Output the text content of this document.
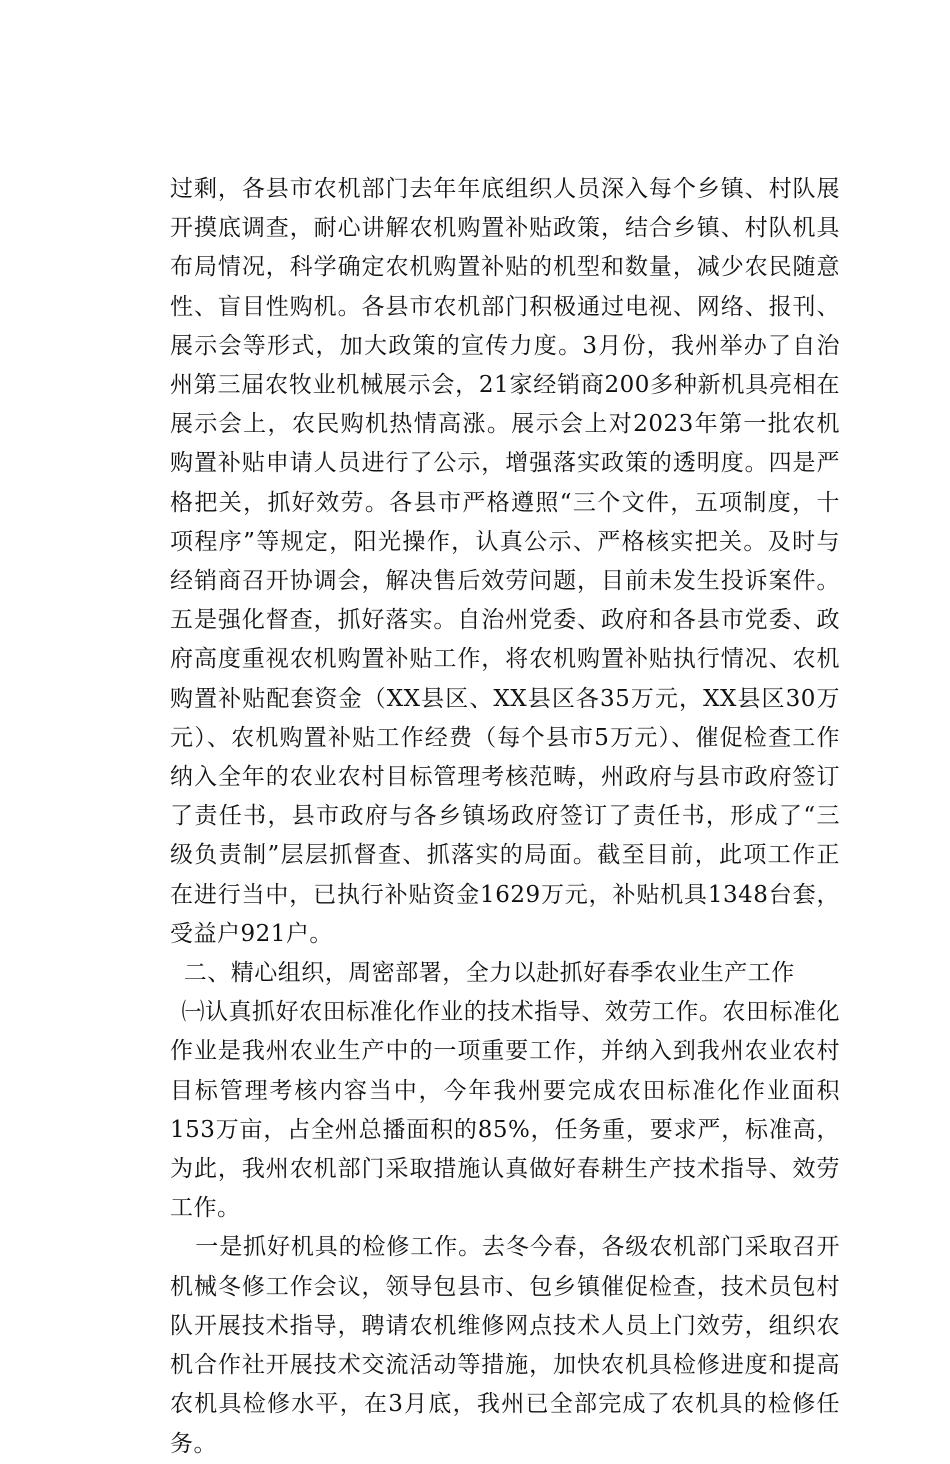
过剩，各县市农机部门去年年底组织人员深入每个乡镇、村队展开摸底调查，耐心讲解农机购置补贴政策，结合乡镇、村队机具布局情况，科学确定农机购置补贴的机型和数量，减少农民随意性、盲目性购机。各县市农机部门积极通过电视、网络、报刊、展示会等形式，加大政策的宣传力度。3月份，我州举办了自治州第三届农牧业机械展示会，21家经销商200多种新机具亮相在展示会上，农民购机热情高涨。展示会上对2023年第一批农机购置补贴申请人员进行了公示，增强落实政策的透明度。四是严格把关，抓好效劳。各县市严格遵照“三个文件，五项制度，十项程序”等规定，阳光操作，认真公示、严格核实把关。及时与经销商召开协调会，解决售后效劳问题，目前未发生投诉案件。五是强化督查，抓好落实。自治州党委、政府和各县市党委、政府高度重视农机购置补贴工作，将农机购置补贴执行情况、农机购置补贴配套资金（XX县区、XX县区各35万元，XX县区30万元）、农机购置补贴工作经费（每个县市5万元）、催促检查工作纳入全年的农业农村目标管理考核范畴，州政府与县市政府签订了责任书，县市政府与各乡镇场政府签订了责任书，形成了“三级负责制”层层抓督查、抓落实的局面。截至目前，此项工作正在进行当中，已执行补贴资金1629万元，补贴机具1348台套，受益户921户。

二、精心组织，周密部署，全力以赴抓好春季农业生产工作

㈠认真抓好农田标准化作业的技术指导、效劳工作。农田标准化作业是我州农业生产中的一项重要工作，并纳入到我州农业农村目标管理考核内容当中，今年我州要完成农田标准化作业面积153万亩，占全州总播面积的85%，任务重，要求严，标准高，为此，我州农机部门采取措施认真做好春耕生产技术指导、效劳工作。

一是抓好机具的检修工作。去冬今春，各级农机部门采取召开机械冬修工作会议，领导包县市、包乡镇催促检查，技术员包村队开展技术指导，聘请农机维修网点技术人员上门效劳，组织农机合作社开展技术交流活动等措施，加快农机具检修进度和提高农机具检修水平，在3月底，我州已全部完成了农机具的检修任务。
